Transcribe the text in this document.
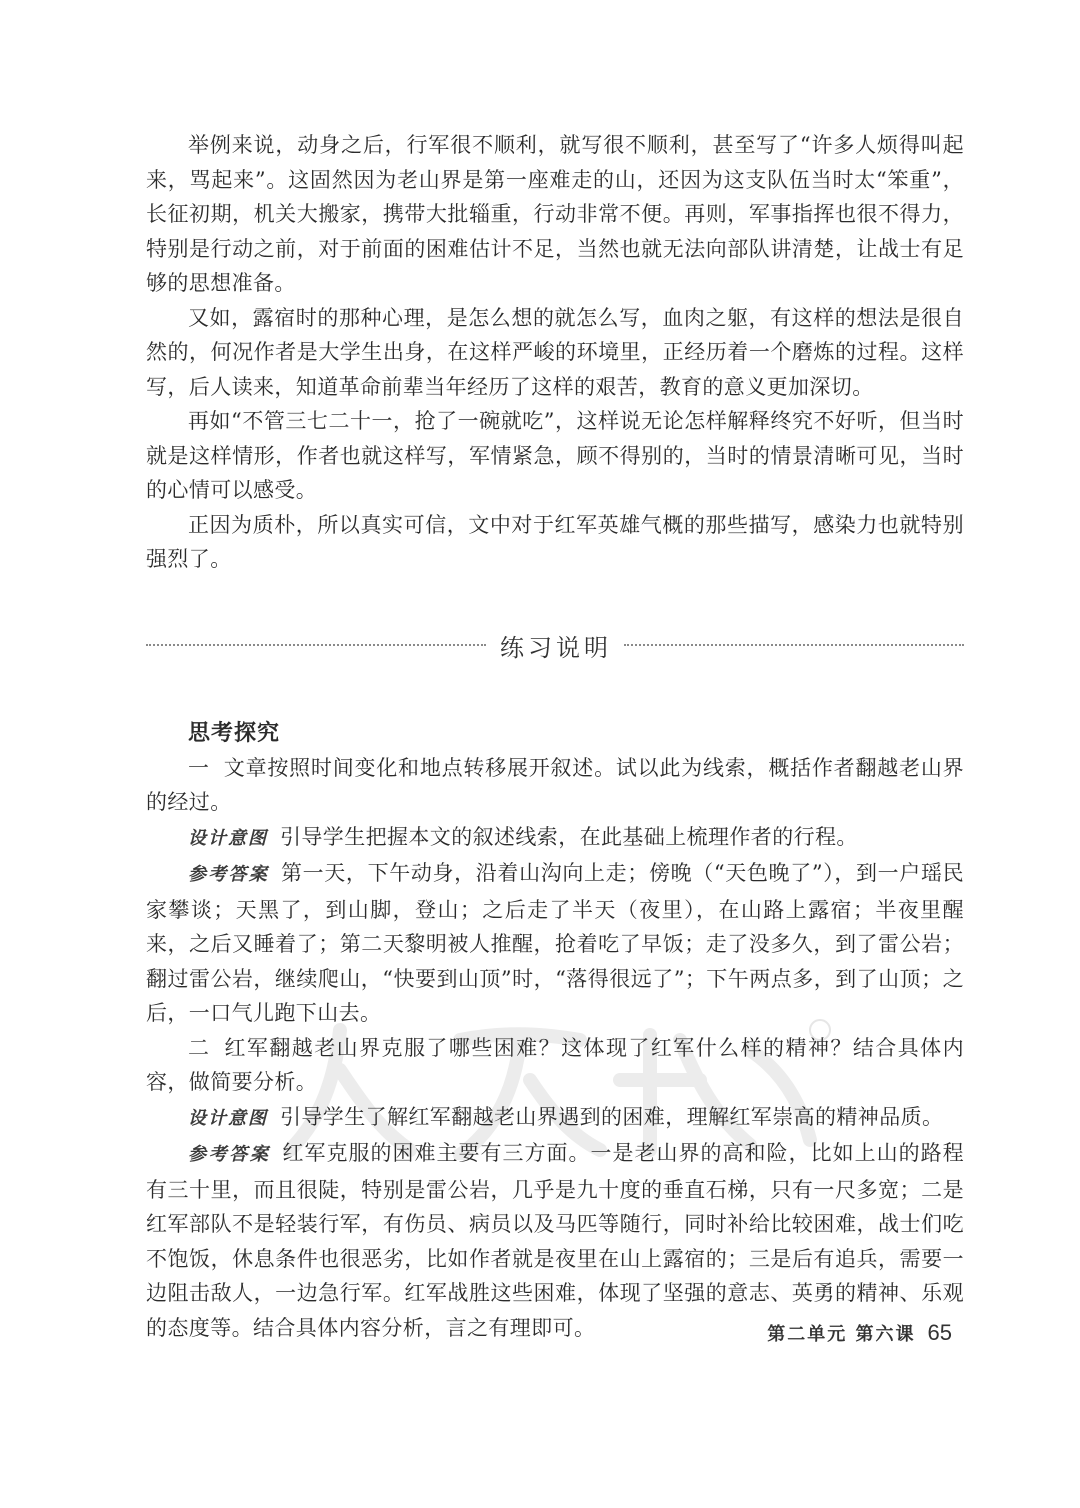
举例来说，动身之后，行军很不顺利，就写很不顺利，甚至写了“许多人烦得叫起来，骂起来”。这固然因为老山界是第一座难走的山，还因为这支队伍当时太“笨重”，长征初期，机关大搬家，携带大批辎重，行动非常不便。再则，军事指挥也很不得力，特别是行动之前，对于前面的困难估计不足，当然也就无法向部队讲清楚，让战士有足够的思想准备。

又如，露宿时的那种心理，是怎么想的就怎么写，血肉之躯，有这样的想法是很自然的，何况作者是大学生出身，在这样严峻的环境里，正经历着一个磨炼的过程。这样写，后人读来，知道革命前辈当年经历了这样的艰苦，教育的意义更加深切。

再如“不管三七二十一，抢了一碗就吃”，这样说无论怎样解释终究不好听，但当时就是这样情形，作者也就这样写，军情紧急，顾不得别的，当时的情景清晰可见，当时的心情可以感受。

正因为质朴，所以真实可信，文中对于红军英雄气概的那些描写，感染力也就特别强烈了。

练习说明

思考探究

一 文章按照时间变化和地点转移展开叙述。试以此为线索，概括作者翻越老山界的经过。

设计意图 引导学生把握本文的叙述线索，在此基础上梳理作者的行程。

参考答案 第一天，下午动身，沿着山沟向上走；傍晚（“天色晚了”），到一户瑶民家攀谈；天黑了，到山脚，登山；之后走了半天（夜里），在山路上露宿；半夜里醒来，之后又睡着了；第二天黎明被人推醒，抢着吃了早饭；走了没多久，到了雷公岩；翻过雷公岩，继续爬山，“快要到山顶”时，“落得很远了”；下午两点多，到了山顶；之后，一口气儿跑下山去。

二 红军翻越老山界克服了哪些困难？这体现了红军什么样的精神？结合具体内容，做简要分析。

设计意图 引导学生了解红军翻越老山界遇到的困难，理解红军崇高的精神品质。

参考答案 红军克服的困难主要有三方面。一是老山界的高和险，比如上山的路程有三十里，而且很陡，特别是雷公岩，几乎是九十度的垂直石梯，只有一尺多宽；二是红军部队不是轻装行军，有伤员、病员以及马匹等随行，同时补给比较困难，战士们吃不饱饭，休息条件也很恶劣，比如作者就是夜里在山上露宿的；三是后有追兵，需要一边阻击敌人，一边急行军。红军战胜这些困难，体现了坚强的意志、英勇的精神、乐观的态度等。结合具体内容分析，言之有理即可。	第二单元 第六课 65
